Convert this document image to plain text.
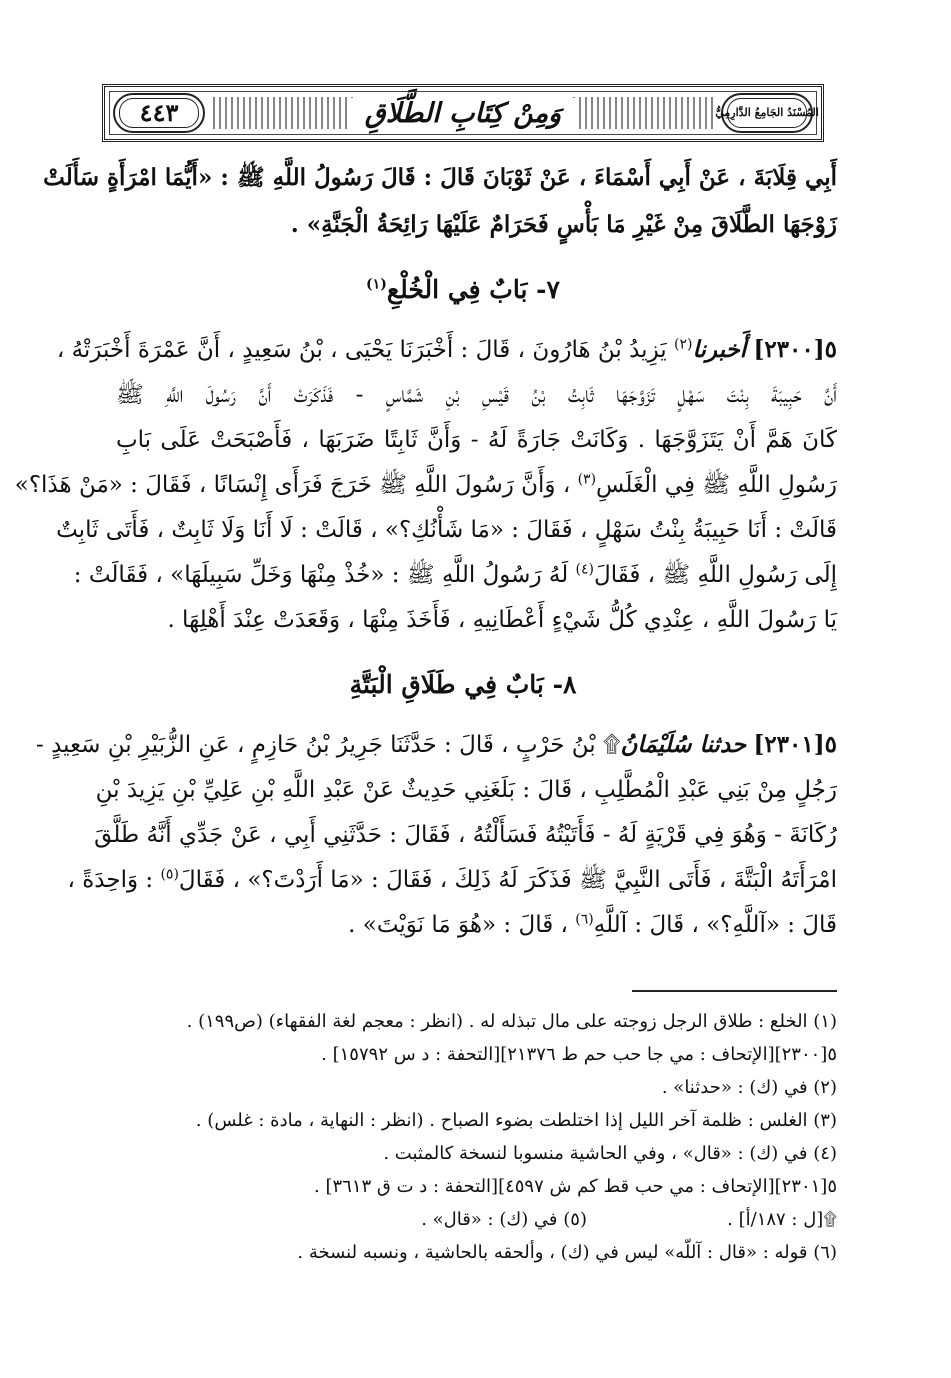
وَمِنْ كِتَابِ الطَّلَاقِ
٤٤٣	المُسْنَدُ الجَامِعُ الدَّارِمِيُّ
أَبِي قِلَابَةَ ، عَنْ أَبِي أَسْمَاءَ ، عَنْ ثَوْبَانَ قَالَ : قَالَ رَسُولُ اللَّهِ ﷺ : «أَيُّمَا امْرَأَةٍ سَأَلَتْ
زَوْجَهَا الطَّلَاقَ مِنْ غَيْرِ مَا بَأْسٍ فَحَرَامٌ عَلَيْهَا رَائِحَةُ الْجَنَّةِ» .
٧- بَابٌ فِي الْخُلْعِ$^{(١)}$
٥[٢٣٠٠] أَخبرنا$^{(٢)}$ يَزِيدُ بْنُ هَارُونَ ، قَالَ : أَخْبَرَنَا يَحْيَى ، بْنُ سَعِيدٍ ، أَنَّ عَمْرَةَ أَخْبَرَتْهُ ،
أَنَّ حَبِيبَةَ بِنْتَ سَهْلٍ تَزَوَّجَهَا ثَابِتُ بْنُ قَيْسِ بْنِ شَمَّاسٍ - فَذَكَرَتْ أَنَّ رَسُولَ اللَّهِ ﷺ
كَانَ هَمَّ أَنْ يَتَزَوَّجَهَا . وَكَانَتْ جَارَةً لَهُ - وَأَنَّ ثَابِتًا ضَرَبَهَا ، فَأَصْبَحَتْ عَلَى بَابِ
رَسُولِ اللَّهِ ﷺ فِي الْغَلَسِ$^{(٣)}$ ، وَأَنَّ رَسُولَ اللَّهِ ﷺ خَرَجَ فَرَأَى إِنْسَانًا ، فَقَالَ : «مَنْ هَذَا؟»
قَالَتْ : أَنَا حَبِيبَةُ بِنْتُ سَهْلٍ ، فَقَالَ : «مَا شَأْنُكِ؟» ، قَالَتْ : لَا أَنَا وَلَا ثَابِتٌ ، فَأَتَى ثَابِتٌ
إِلَى رَسُولِ اللَّهِ ﷺ ، فَقَالَ$^{(٤)}$ لَهُ رَسُولُ اللَّهِ ﷺ : «خُذْ مِنْهَا وَخَلِّ سَبِيلَهَا» ، فَقَالَتْ :
يَا رَسُولَ اللَّهِ ، عِنْدِي كُلُّ شَيْءٍ أَعْطَانِيهِ ، فَأَخَذَ مِنْهَا ، وَقَعَدَتْ عِنْدَ أَهْلِهَا .
٨- بَابٌ فِي طَلَاقِ الْبَتَّةِ
٥[٢٣٠١] حدثنا سُلَيْمَانُ۩ بْنُ حَرْبٍ ، قَالَ : حَدَّثَنَا جَرِيرُ بْنُ حَازِمٍ ، عَنِ الزُّبَيْرِ بْنِ سَعِيدٍ -
رَجُلٍ مِنْ بَنِي عَبْدِ الْمُطَّلِبِ ، قَالَ : بَلَغَنِي حَدِيثٌ عَنْ عَبْدِ اللَّهِ بْنِ عَلِيِّ بْنِ يَزِيدَ بْنِ
رُكَانَةَ - وَهُوَ فِي قَرْيَةٍ لَهُ - فَأَتَيْتُهُ فَسَأَلْتُهُ ، فَقَالَ : حَدَّثَنِي أَبِي ، عَنْ جَدِّي أَنَّهُ طَلَّقَ
امْرَأَتَهُ الْبَتَّةَ ، فَأَتَى النَّبِيَّ ﷺ فَذَكَرَ لَهُ ذَلِكَ ، فَقَالَ : «مَا أَرَدْتَ؟» ، فَقَالَ$^{(٥)}$ : وَاحِدَةً ،
قَالَ : «آللَّهِ؟» ، قَالَ : آللَّهِ$^{(٦)}$ ، قَالَ : «هُوَ مَا نَوَيْتَ» .
(١) الخلع : طلاق الرجل زوجته على مال تبذله له . (انظر : معجم لغة الفقهاء) (ص١٩٩) .
٥[٢٣٠٠][الإتحاف : مي جا حب حم ط ٢١٣٧٦][التحفة : د س ١٥٧٩٢] .
(٢) في (ك) : «حدثنا» .
(٣) الغلس : ظلمة آخر الليل إذا اختلطت بضوء الصباح . (انظر : النهاية ، مادة : غلس) .
(٤) في (ك) : «قال» ، وفي الحاشية منسوبا لنسخة كالمثبت .
٥[٢٣٠١][الإتحاف : مي حب قط كم ش ٤٥٩٧][التحفة : د ت ق ٣٦١٣] .
۩[ل : ١٨٧/أ] .
(٥) في (ك) : «قال» .
(٦) قوله : «قال : آللّه» ليس في (ك) ، وألحقه بالحاشية ، ونسبه لنسخة .
